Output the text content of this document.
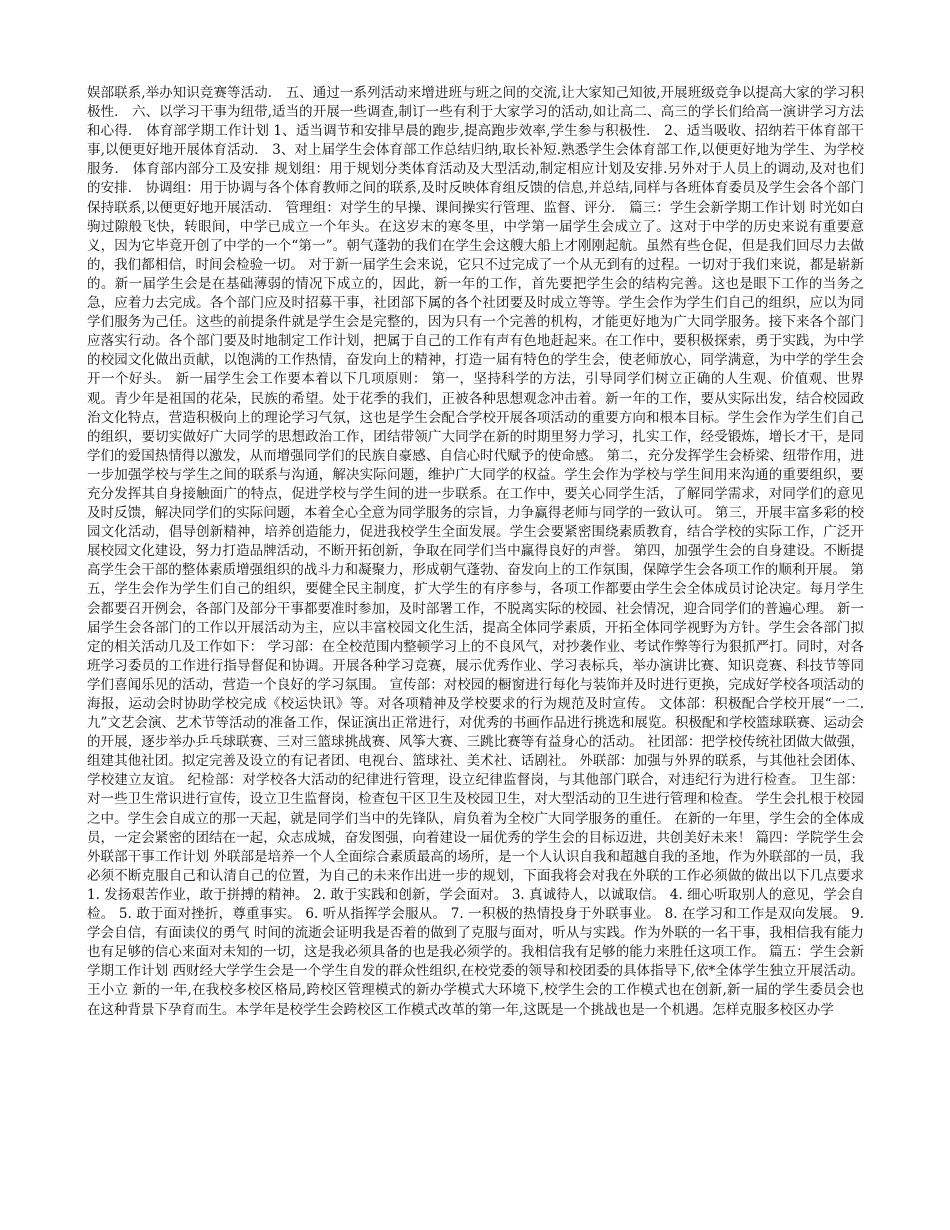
娱部联系,举办知识竞赛等活动． 五、通过一系列活动来增进班与班之间的交流,让大家知己知彼,开展班级竞争以提高大家的学习积极性． 六、以学习干事为纽带,适当的开展一些调查,制订一些有利于大家学习的活动,如让高二、高三的学长们给高一演讲学习方法和心得． 体育部学期工作计划 1、适当调节和安排早晨的跑步,提高跑步效率,学生参与积极性． 2、适当吸收、招纳若干体育部干事,以便更好地开展体育活动． 3、对上届学生会体育部工作总结归纳,取长补短.熟悉学生会体育部工作,以便更好地为学生、为学校服务． 体育部内部分工及安排 规划组：用于规划分类体育活动及大型活动,制定相应计划及安排.另外对于人员上的调动,及对也们的安排． 协调组：用于协调与各个体育教师之间的联系,及时反映体育组反馈的信息,并总结,同样与各班体育委员及学生会各个部门保持联系,以便更好地开展活动． 管理组：对学生的早操、课间操实行管理、监督、评分． 篇三：学生会新学期工作计划 时光如白驹过隙般飞快，转眼间，中学已成立一个年头。在这岁末的寒冬里，中学第一届学生会成立了。这对于中学的历史来说有重要意义，因为它毕竟开创了中学的一个“第一”。朝气蓬勃的我们在学生会这艘大船上才刚刚起航。虽然有些仓促，但是我们回尽力去做的，我们都相信，时间会检验一切。 对于新一届学生会来说，它只不过完成了一个从无到有的过程。一切对于我们来说，都是崭新的。新一届学生会是在基础薄弱的情况下成立的，因此，新一年的工作，首先要把学生会的结构完善。这也是眼下工作的当务之急，应着力去完成。各个部门应及时招募干事，社团部下属的各个社团要及时成立等等。学生会作为学生们自己的组织，应以为同学们服务为己任。这些的前提条件就是学生会是完整的，因为只有一个完善的机构，才能更好地为广大同学服务。接下来各个部门应落实行动。各个部门要及时地制定工作计划，把属于自己的工作有声有色地赶起来。在工作中，要积极探索，勇于实践，为中学的校园文化做出贡献，以饱满的工作热情，奋发向上的精神，打造一届有特色的学生会，使老师放心，同学满意，为中学的学生会开一个好头。 新一届学生会工作要本着以下几项原则： 第一，坚持科学的方法，引导同学们树立正确的人生观、价值观、世界观。青少年是祖国的花朵，民族的希望。处于花季的我们，正被各种思想观念冲击着。新一年的工作，要从实际出发，结合校园政治文化特点，营造积极向上的理论学习气氛，这也是学生会配合学校开展各项活动的重要方向和根本目标。学生会作为学生们自己的组织，要切实做好广大同学的思想政治工作，团结带领广大同学在新的时期里努力学习，扎实工作，经受锻炼，增长才干，是同学们的爱国热情得以激发，从而增强同学们的民族自豪感、自信心时代赋予的使命感。 第二，充分发挥学生会桥梁、纽带作用，进一步加强学校与学生之间的联系与沟通，解决实际问题，维护广大同学的权益。学生会作为学校与学生间用来沟通的重要组织，要充分发挥其自身接触面广的特点，促进学校与学生间的进一步联系。在工作中，要关心同学生活，了解同学需求，对同学们的意见及时反馈，解决同学们的实际问题，本着全心全意为同学服务的宗旨，力争赢得老师与同学的一致认可。 第三，开展丰富多彩的校园文化活动，倡导创新精神，培养创造能力，促进我校学生全面发展。学生会要紧密围绕素质教育，结合学校的实际工作，广泛开展校园文化建设，努力打造品牌活动，不断开拓创新，争取在同学们当中赢得良好的声誉。 第四，加强学生会的自身建设。不断提高学生会干部的整体素质增强组织的战斗力和凝聚力，形成朝气蓬勃、奋发向上的工作氛围，保障学生会各项工作的顺利开展。 第五，学生会作为学生们自己的组织，要健全民主制度，扩大学生的有序参与，各项工作都要由学生会全体成员讨论决定。每月学生会都要召开例会，各部门及部分干事都要准时参加，及时部署工作，不脱离实际的校园、社会情况，迎合同学们的普遍心理。 新一届学生会各部门的工作以开展活动为主，应以丰富校园文化生活，提高全体同学素质，开拓全体同学视野为方针。学生会各部门拟定的相关活动几及工作如下： 学习部：在全校范围内整顿学习上的不良风气，对抄袭作业、考试作弊等行为狠抓严打。同时，对各班学习委员的工作进行指导督促和协调。开展各种学习竞赛，展示优秀作业、学习表标兵，举办演讲比赛、知识竞赛、科技节等同学们喜闻乐见的活动，营造一个良好的学习氛围。 宣传部：对校园的橱窗进行每化与装饰并及时进行更换，完成好学校各项活动的海报，运动会时协助学校完成《校运快讯》等。对各项精神及学校要求的行为规范及时宣传。 文体部：积极配合学校开展“一二.九”文艺会演、艺术节等活动的准备工作，保证演出正常进行，对优秀的书画作品进行挑选和展览。积极配和学校篮球联赛、运动会的开展，逐步举办乒乓球联赛、三对三篮球挑战赛、风筝大赛、三跳比赛等有益身心的活动。 社团部：把学校传统社团做大做强，组建其他社团。拟定完善及设立的有记者团、电视台、篮球社、美术社、话剧社。 外联部：加强与外界的联系，与其他社会团体、学校建立友谊。 纪检部：对学校各大活动的纪律进行管理，设立纪律监督岗，与其他部门联合，对违纪行为进行检查。 卫生部：对一些卫生常识进行宣传，设立卫生监督岗，检查包干区卫生及校园卫生，对大型活动的卫生进行管理和检查。 学生会扎根于校园之中。学生会自成立的那一天起，就是同学们当中的先锋队，肩负着为全校广大同学服务的重任。 在新的一年里，学生会的全体成员，一定会紧密的团结在一起，众志成城，奋发图强，向着建设一届优秀的学生会的目标迈进，共创美好未来！ 篇四：学院学生会外联部干事工作计划 外联部是培养一个人全面综合素质最高的场所，是一个人认识自我和超越自我的圣地，作为外联部的一员，我必须不断克服自己和认清自己的位置，为自己的未来作出进一步的规划，下面我将会对我在外联的工作必须做的做出以下几点要求 1. 发扬艰苦作业，敢于拼搏的精神。 2. 敢于实践和创新，学会面对。 3. 真诚待人，以诚取信。 4. 细心听取别人的意见，学会自检。 5. 敢于面对挫折，尊重事实。 6. 听从指挥学会服从。 7. 一积极的热情投身于外联事业。 8. 在学习和工作是双向发展。 9. 学会自信，有面读仪的勇气 时间的流逝会证明我是否着的做到了克服与面对，听从与实践。作为外联的一名干事，我相信我有能力也有足够的信心来面对未知的一切，这是我必须具备的也是我必须学的。我相信我有足够的能力来胜任这项工作。 篇五：学生会新学期工作计划 西财经大学学生会是一个学生自发的群众性组织,在校党委的领导和校团委的具体指导下,依*全体学生独立开展活动。王小立 新的一年,在我校多校区格局,跨校区管理模式的新办学模式大环境下,校学生会的工作模式也在创新,新一届的学生委员会也在这种背景下孕育而生。本学年是校学生会跨校区工作模式改革的第一年,这既是一个挑战也是一个机遇。怎样克服多校区办学
